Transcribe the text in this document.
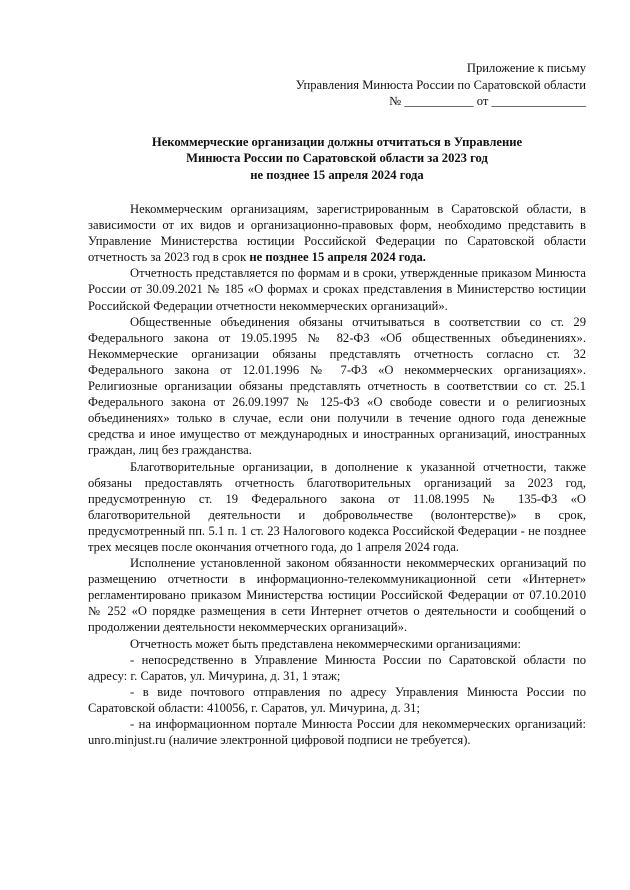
Приложение к письму
Управления Минюста России по Саратовской области
№ ___________ от _______________
Некоммерческие организации должны отчитаться в Управление
Минюста России по Саратовской области за 2023 год
не позднее 15 апреля 2024 года

Некоммерческим организациям, зарегистрированным в Саратовской области, в зависимости от их видов и организационно-правовых форм, необходимо представить в Управление Министерства юстиции Российской Федерации по Саратовской области отчетность за 2023 год в срок не позднее 15 апреля 2024 года.

Отчетность представляется по формам и в сроки, утвержденные приказом Минюста России от 30.09.2021 № 185 «О формах и сроках представления в Министерство юстиции Российской Федерации отчетности некоммерческих организаций».

Общественные объединения обязаны отчитываться в соответствии со ст. 29 Федерального закона от 19.05.1995 № 82-ФЗ «Об общественных объединениях». Некоммерческие организации обязаны представлять отчетность согласно ст. 32 Федерального закона от 12.01.1996 № 7-ФЗ «О некоммерческих организациях». Религиозные организации обязаны представлять отчетность в соответствии со ст. 25.1 Федерального закона от 26.09.1997 № 125-ФЗ «О свободе совести и о религиозных объединениях» только в случае, если они получили в течение одного года денежные средства и иное имущество от международных и иностранных организаций, иностранных граждан, лиц без гражданства.

Благотворительные организации, в дополнение к указанной отчетности, также обязаны предоставлять отчетность благотворительных организаций за 2023 год, предусмотренную ст. 19 Федерального закона от 11.08.1995 № 135-ФЗ «О благотворительной деятельности и добровольчестве (волонтерстве)» в срок, предусмотренный пп. 5.1 п. 1 ст. 23 Налогового кодекса Российской Федерации - не позднее трех месяцев после окончания отчетного года, до 1 апреля 2024 года.

Исполнение установленной законом обязанности некоммерческих организаций по размещению отчетности в информационно-телекоммуникационной сети «Интернет» регламентировано приказом Министерства юстиции Российской Федерации от 07.10.2010 № 252 «О порядке размещения в сети Интернет отчетов о деятельности и сообщений о продолжении деятельности некоммерческих организаций».

Отчетность может быть представлена некоммерческими организациями:

- непосредственно в Управление Минюста России по Саратовской области по адресу: г. Саратов, ул. Мичурина, д. 31, 1 этаж;

- в виде почтового отправления по адресу Управления Минюста России по Саратовской области: 410056, г. Саратов, ул. Мичурина, д. 31;

- на информационном портале Минюста России для некоммерческих организаций: unro.minjust.ru (наличие электронной цифровой подписи не требуется).
